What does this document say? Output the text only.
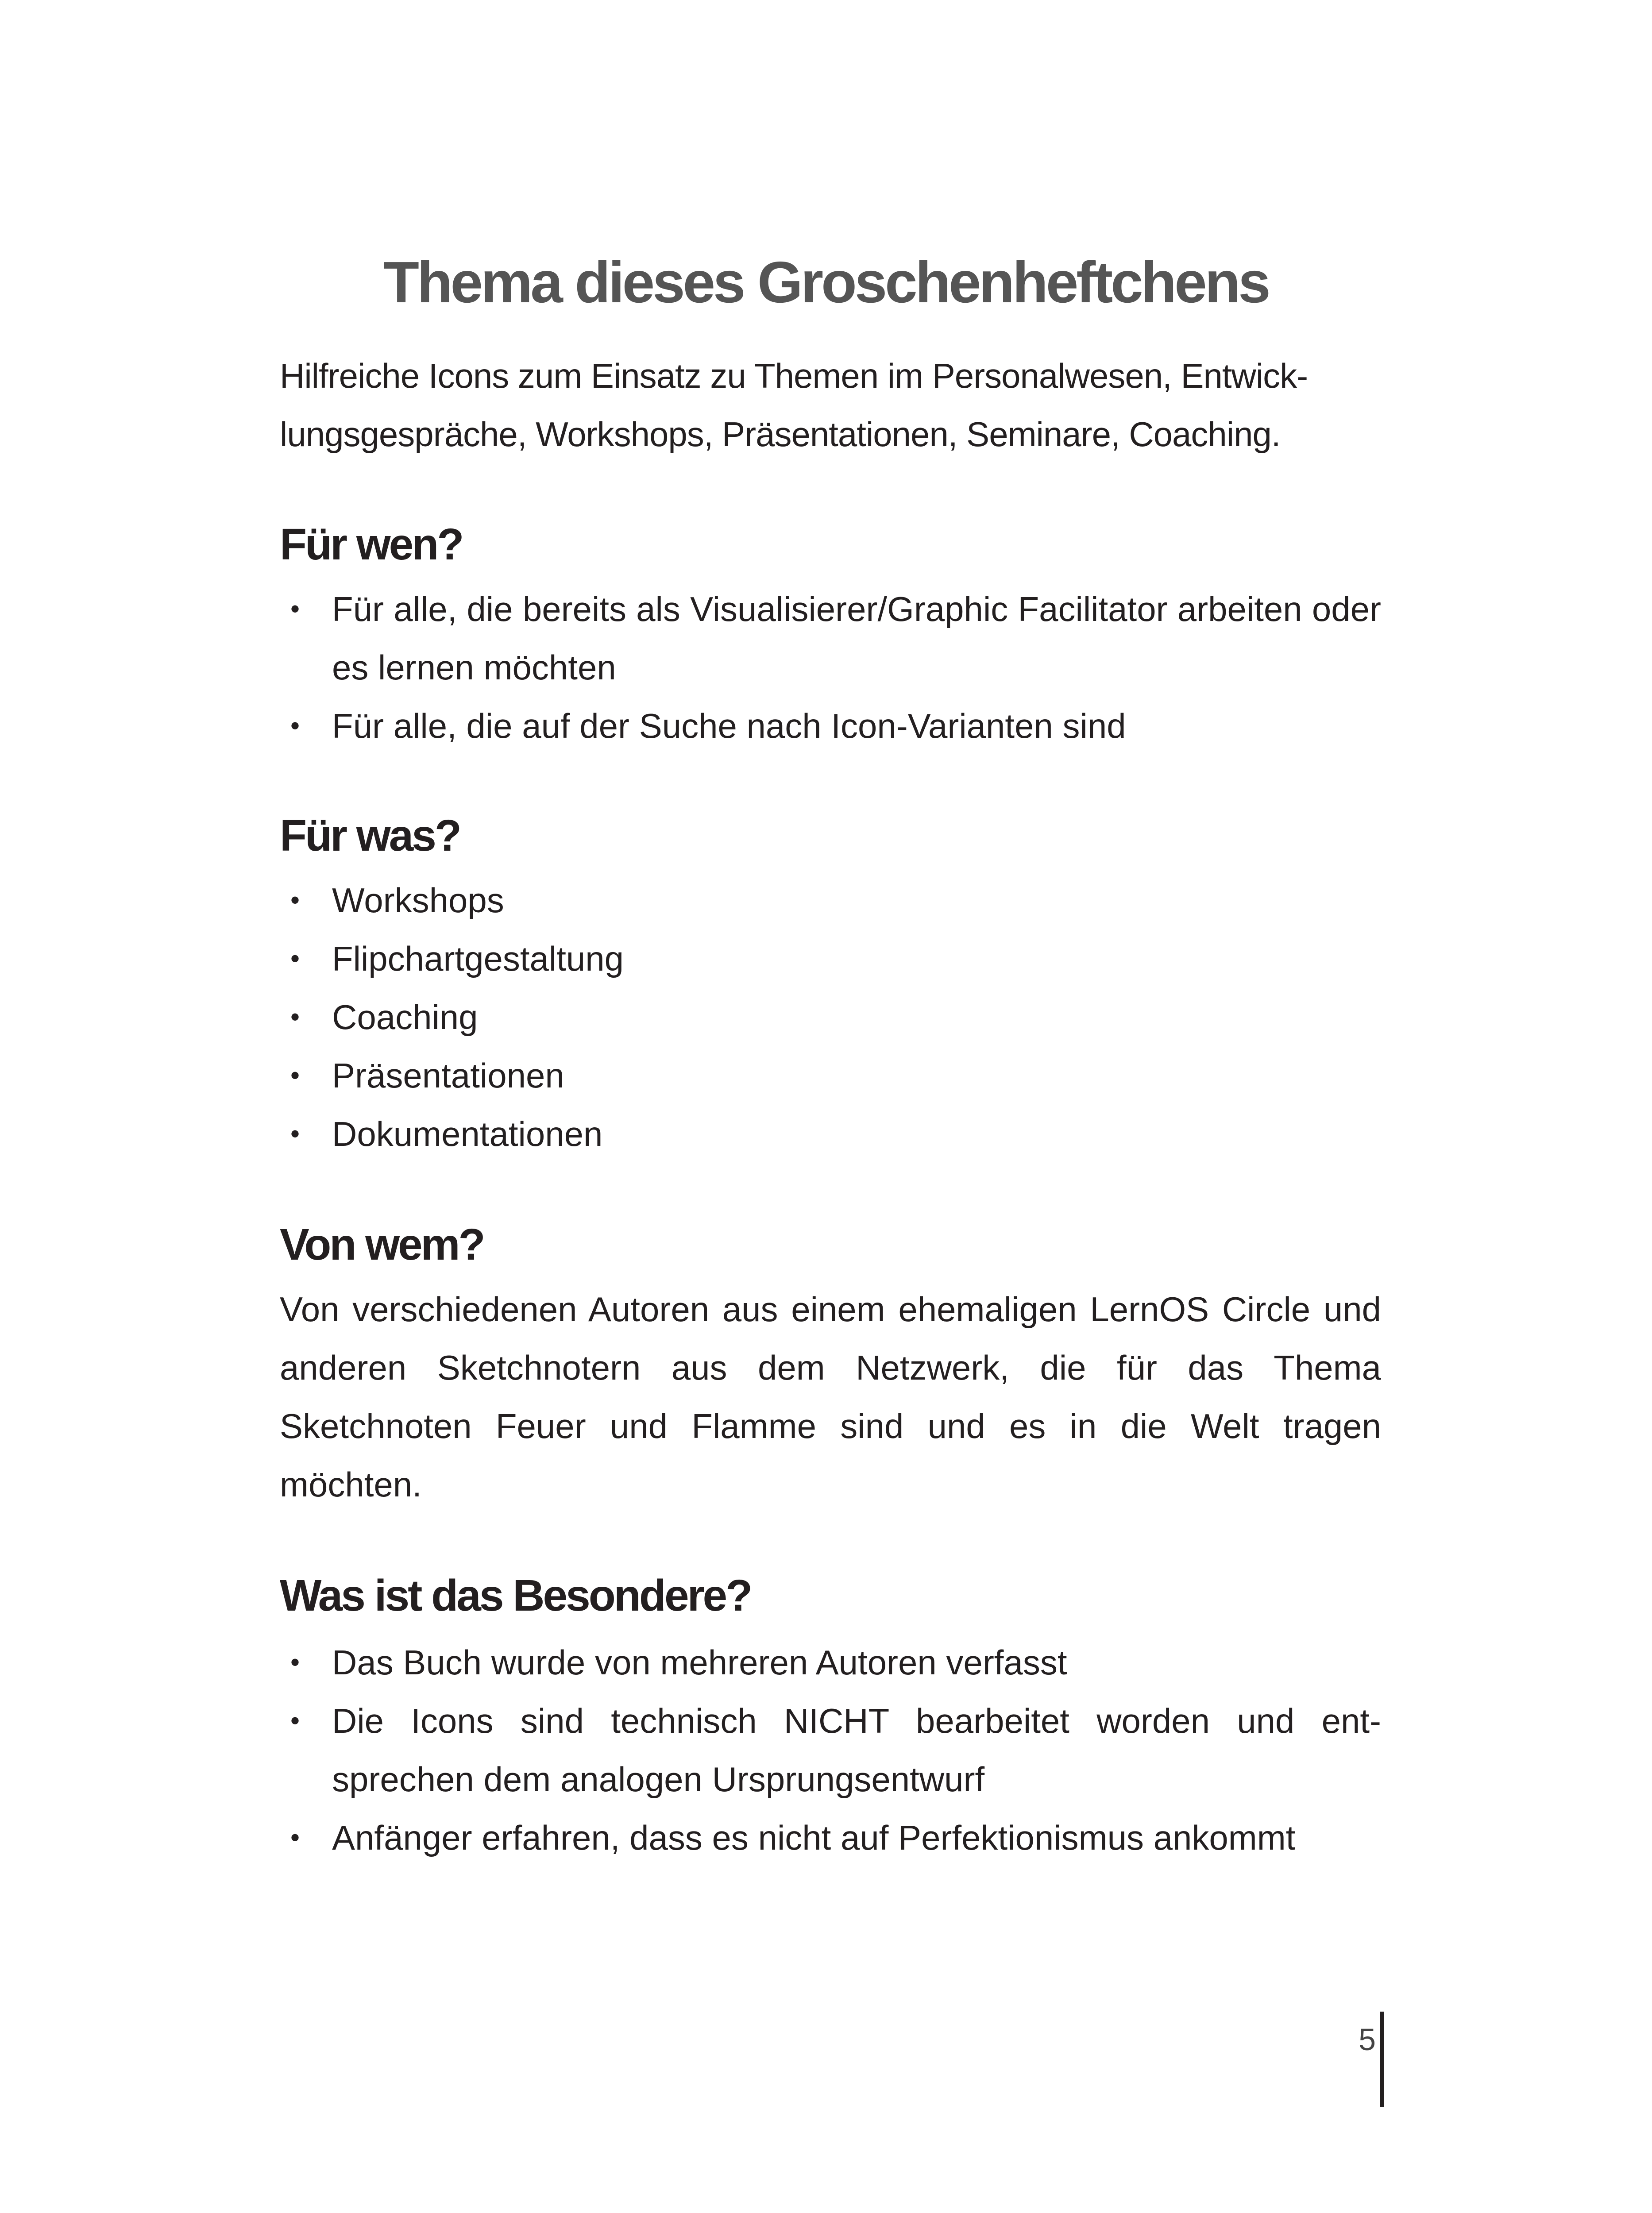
Thema dieses Groschenheftchens
Hilfreiche Icons zum Einsatz zu Themen im Personalwesen, Entwick-
lungsgespräche, Workshops, Präsentationen, Seminare, Coaching.
Für wen?
• Für alle, die bereits als Visualisierer/Graphic Facilitator arbeiten oder es lernen möchten
• Für alle, die auf der Suche nach Icon-Varianten sind
Für was?
• Workshops
• Flipchartgestaltung
• Coaching
• Präsentationen
• Dokumentationen
Von wem?

Von verschiedenen Autoren aus einem ehemaligen LernOS Circle und anderen Sketchnotern aus dem Netzwerk, die für das Thema Sketchnoten Feuer und Flamme sind und es in die Welt tragen möchten.

Was ist das Besondere?
• Das Buch wurde von mehreren Autoren verfasst
• Die Icons sind technisch NICHT bearbeitet worden und ent-sprechen dem analogen Ursprungsentwurf
• Anfänger erfahren, dass es nicht auf Perfektionismus ankommt
5
